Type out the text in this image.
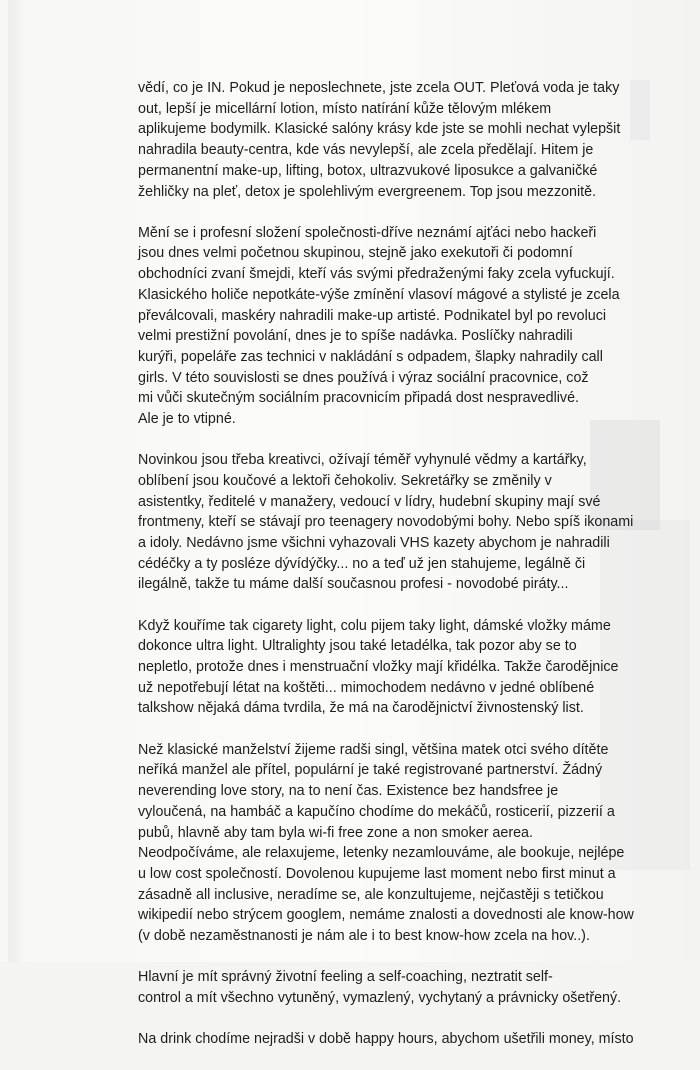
vědí, co je IN. Pokud je neposlechnete, jste zcela OUT. Pleťová voda je taky
out, lepší je micellární lotion, místo natírání kůže tělovým mlékem
aplikujeme bodymilk. Klasické salóny krásy kde jste se mohli nechat vylepšit
nahradila beauty-centra, kde vás nevylepší, ale zcela předělají. Hitem je
permanentní make-up, lifting, botox, ultrazvukové liposukce a galvaničké
žehličky na pleť, detox je spolehlivým evergreenem. Top jsou mezzonitě.

Mění se i profesní složení společnosti-dříve neznámí ajťáci nebo hackeři
jsou dnes velmi početnou skupinou, stejně jako exekutoři či podomní
obchodníci zvaní šmejdi, kteří vás svými předraženými faky zcela vyfuckují.
Klasického holiče nepotkáte-výše zmínění vlasoví mágové a stylisté je zcela
převálcovali, maskéry nahradili make-up artisté. Podnikatel byl po revoluci
velmi prestižní povolání, dnes je to spíše nadávka. Poslíčky nahradili
kurýři, popeláře zas technici v nakládání s odpadem, šlapky nahradily call
girls. V této souvislosti se dnes používá i výraz sociální pracovnice, což
mi vůči skutečným sociálním pracovnicím připadá dost nespravedlivé.
Ale je to vtipné.

Novinkou jsou třeba kreativci, ožívají téměř vyhynulé vědmy a kartářky,
oblíbení jsou koučové a lektoři čehokoliv. Sekretářky se změnily v
asistentky, ředitelé v manažery, vedoucí v lídry, hudební skupiny mají své
frontmeny, kteří se stávají pro teenagery novodobými bohy. Nebo spíš ikonami
a idoly. Nedávno jsme všichni vyhazovali VHS kazety abychom je nahradili
cédéčky a ty posléze dývídýčky... no a teď už jen stahujeme, legálně či
ilegálně, takže tu máme další současnou profesi - novodobé piráty...

Když kouříme tak cigarety light, colu pijem taky light, dámské vložky máme
dokonce ultra light. Ultralighty jsou také letadélka, tak pozor aby se to
nepletlo, protože dnes i menstruační vložky mají křidélka. Takže čarodějnice
už nepotřebují létat na koštěti... mimochodem nedávno v jedné oblíbené
talkshow nějaká dáma tvrdila, že má na čarodějnictví živnostenský list.

Než klasické manželství žijeme radši singl, většina matek otci svého dítěte
neříká manžel ale přítel, populární je také registrované partnerství. Žádný
neverending love story, na to není čas. Existence bez handsfree je
vyloučená, na hambáč a kapučíno chodíme do mekáčů, rosticerií, pizzerií a
pubů, hlavně aby tam byla wi-fi free zone a non smoker aerea.
Neodpočíváme, ale relaxujeme, letenky nezamlouváme, ale bookuje, nejlépe
u low cost společností. Dovolenou kupujeme last moment nebo first minut a
zásadně all inclusive, neradíme se, ale konzultujeme, nejčastěji s tetičkou
wikipedií nebo strýcem googlem, nemáme znalosti a dovednosti ale know-how
(v době nezaměstnanosti je nám ale i to best know-how zcela na hov..).

Hlavní je mít správný životní feeling a self-coaching, neztratit self-
control a mít všechno vytuněný, vymazlený, vychytaný a právnicky ošetřený.

Na drink chodíme nejradši v době happy hours, abychom ušetřili money, místo
